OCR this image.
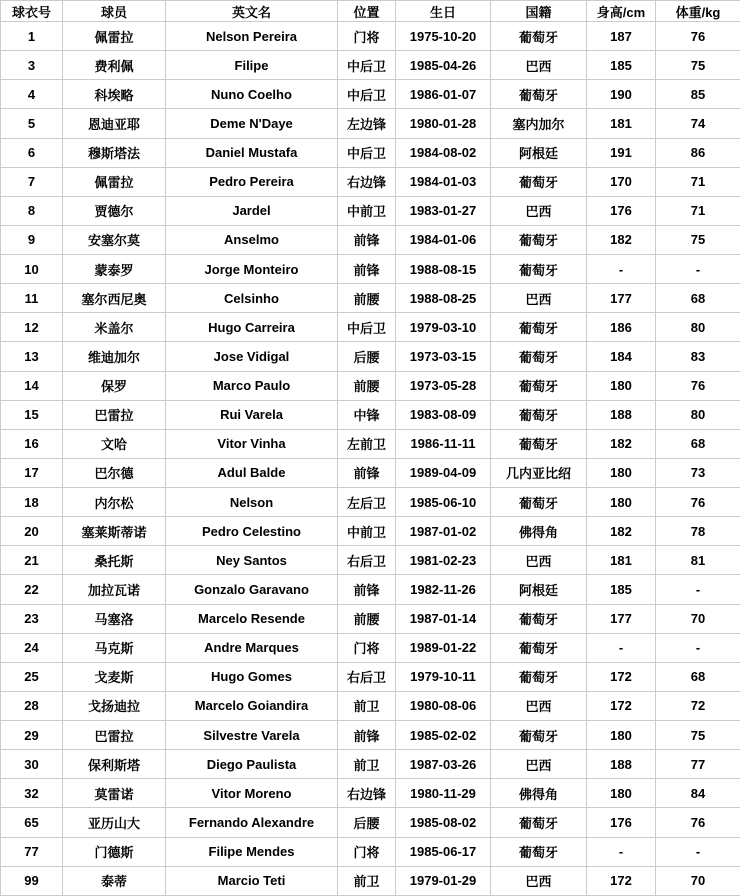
球衣号	球员	英文名	位置	生日	国籍	身高/cm	体重/kg
1	佩雷拉	Nelson Pereira	门将	1975-10-20	葡萄牙	187	76
3	费利佩	Filipe	中后卫	1985-04-26	巴西	185	75
4	科埃略	Nuno Coelho	中后卫	1986-01-07	葡萄牙	190	85
5	恩迪亚耶	Deme N'Daye	左边锋	1980-01-28	塞内加尔	181	74
6	穆斯塔法	Daniel Mustafa	中后卫	1984-08-02	阿根廷	191	86
7	佩雷拉	Pedro Pereira	右边锋	1984-01-03	葡萄牙	170	71
8	贾德尔	Jardel	中前卫	1983-01-27	巴西	176	71
9	安塞尔莫	Anselmo	前锋	1984-01-06	葡萄牙	182	75
10	蒙泰罗	Jorge Monteiro	前锋	1988-08-15	葡萄牙	-	-
11	塞尔西尼奥	Celsinho	前腰	1988-08-25	巴西	177	68
12	米盖尔	Hugo Carreira	中后卫	1979-03-10	葡萄牙	186	80
13	维迪加尔	Jose Vidigal	后腰	1973-03-15	葡萄牙	184	83
14	保罗	Marco Paulo	前腰	1973-05-28	葡萄牙	180	76
15	巴雷拉	Rui Varela	中锋	1983-08-09	葡萄牙	188	80
16	文哈	Vitor Vinha	左前卫	1986-11-11	葡萄牙	182	68
17	巴尔德	Adul Balde	前锋	1989-04-09	几内亚比绍	180	73
18	内尔松	Nelson	左后卫	1985-06-10	葡萄牙	180	76
20	塞莱斯蒂诺	Pedro Celestino	中前卫	1987-01-02	佛得角	182	78
21	桑托斯	Ney Santos	右后卫	1981-02-23	巴西	181	81
22	加拉瓦诺	Gonzalo Garavano	前锋	1982-11-26	阿根廷	185	-
23	马塞洛	Marcelo Resende	前腰	1987-01-14	葡萄牙	177	70
24	马克斯	Andre Marques	门将	1989-01-22	葡萄牙	-	-
25	戈麦斯	Hugo Gomes	右后卫	1979-10-11	葡萄牙	172	68
28	戈扬迪拉	Marcelo Goiandira	前卫	1980-08-06	巴西	172	72
29	巴雷拉	Silvestre Varela	前锋	1985-02-02	葡萄牙	180	75
30	保利斯塔	Diego Paulista	前卫	1987-03-26	巴西	188	77
32	莫雷诺	Vitor Moreno	右边锋	1980-11-29	佛得角	180	84
65	亚历山大	Fernando Alexandre	后腰	1985-08-02	葡萄牙	176	76
77	门德斯	Filipe Mendes	门将	1985-06-17	葡萄牙	-	-
99	泰蒂	Marcio Teti	前卫	1979-01-29	巴西	172	70
